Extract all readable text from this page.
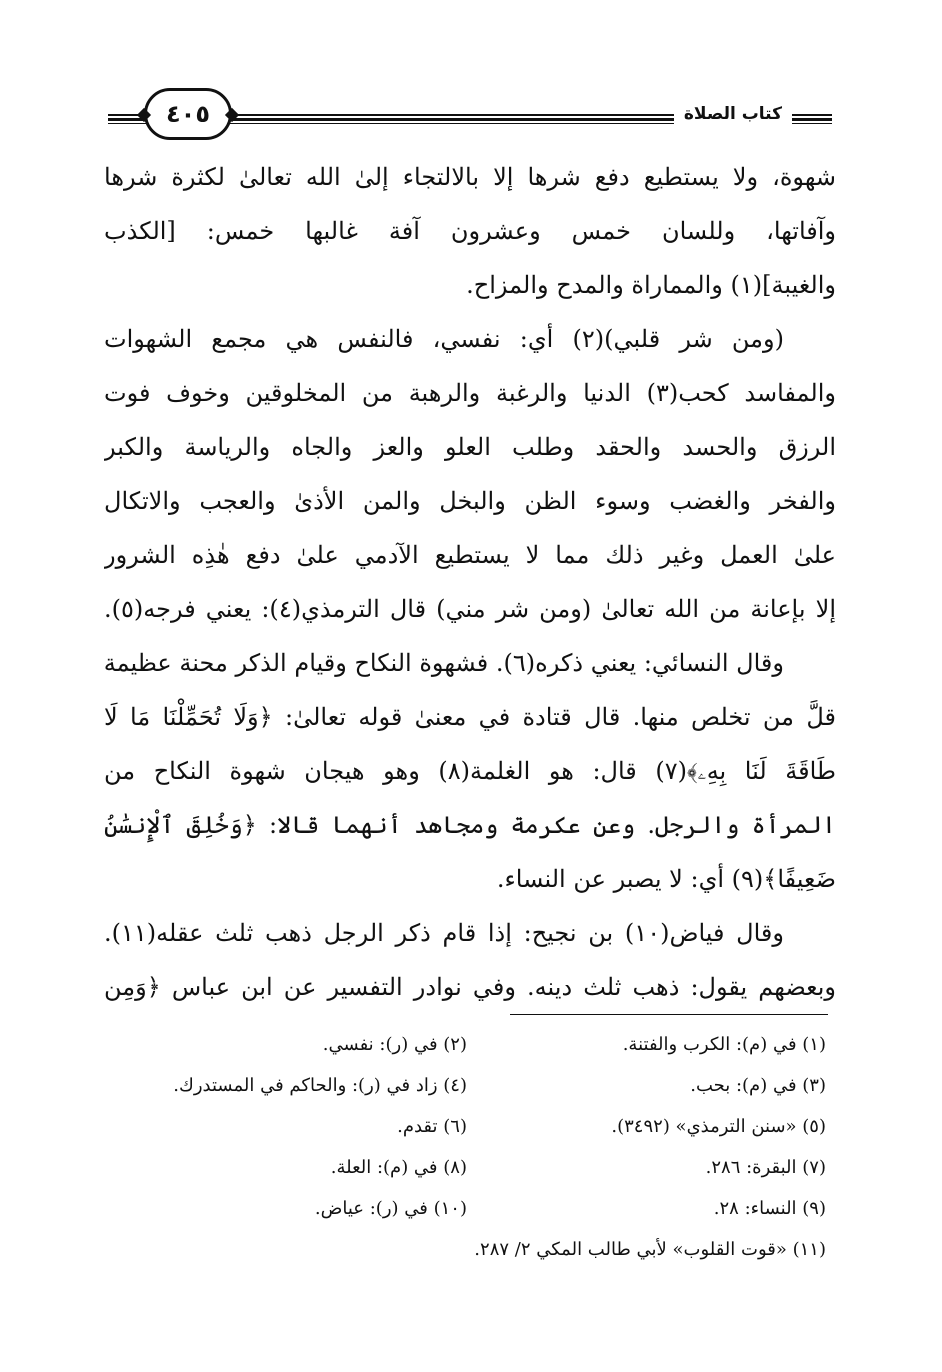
٤٠٥	كتاب الصلاة
شهوة، ولا يستطيع دفع شرها إلا بالالتجاء إلىٰ الله تعالىٰ لكثرة شرها
وآفاتها، وللسان خمس وعشرون آفة غالبها خمس: [الكذب
والغيبة](١) والمماراة والمدح والمزاح.
(ومن شر قلبي)(٢) أي: نفسي، فالنفس هي مجمع الشهوات
والمفاسد كحب(٣) الدنيا والرغبة والرهبة من المخلوقين وخوف فوت
الرزق والحسد والحقد وطلب العلو والعز والجاه والرياسة والكبر
والفخر والغضب وسوء الظن والبخل والمن الأذىٰ والعجب والاتكال
علىٰ العمل وغير ذلك مما لا يستطيع الآدمي علىٰ دفع هٰذِه الشرور
إلا بإعانة من الله تعالىٰ (ومن شر مني) قال الترمذي(٤): يعني فرجه(٥).
وقال النسائي: يعني ذكره(٦). فشهوة النكاح وقيام الذكر محنة عظيمة
قلَّ من تخلص منها. قال قتادة في معنىٰ قوله تعالىٰ: ﴿وَلَا تُحَمِّلْنَا مَا لَا
طَاقَةَ لَنَا بِهِۦ﴾(٧) قال: هو الغلمة(٨) وهو هيجان شهوة النكاح من
المرأة والرجل. وعن عكرمة ومجاهد أنهما قالا: ﴿وَخُلِقَ ٱلْإِنسَٰنُ
ضَعِيفًا﴾(٩) أي: لا يصبر عن النساء.
وقال فياض(١٠) بن نجيح: إذا قام ذكر الرجل ذهب ثلث عقله(١١).
وبعضهم يقول: ذهب ثلث دينه. وفي نوادر التفسير عن ابن عباس ﴿وَمِن
(١) في (م): الكرب والفتنة.
(٢) في (ر): نفسي.
(٣) في (م): بحب.
(٤) زاد في (ر): والحاكم في المستدرك.
(٥) «سنن الترمذي» (٣٤٩٢).
(٦) تقدم.
(٧) البقرة: ٢٨٦.
(٨) في (م): العلة.
(٩) النساء: ٢٨.
(١٠) في (ر): عياض.
(١١) «قوت القلوب» لأبي طالب المكي ٢/ ٢٨٧.
